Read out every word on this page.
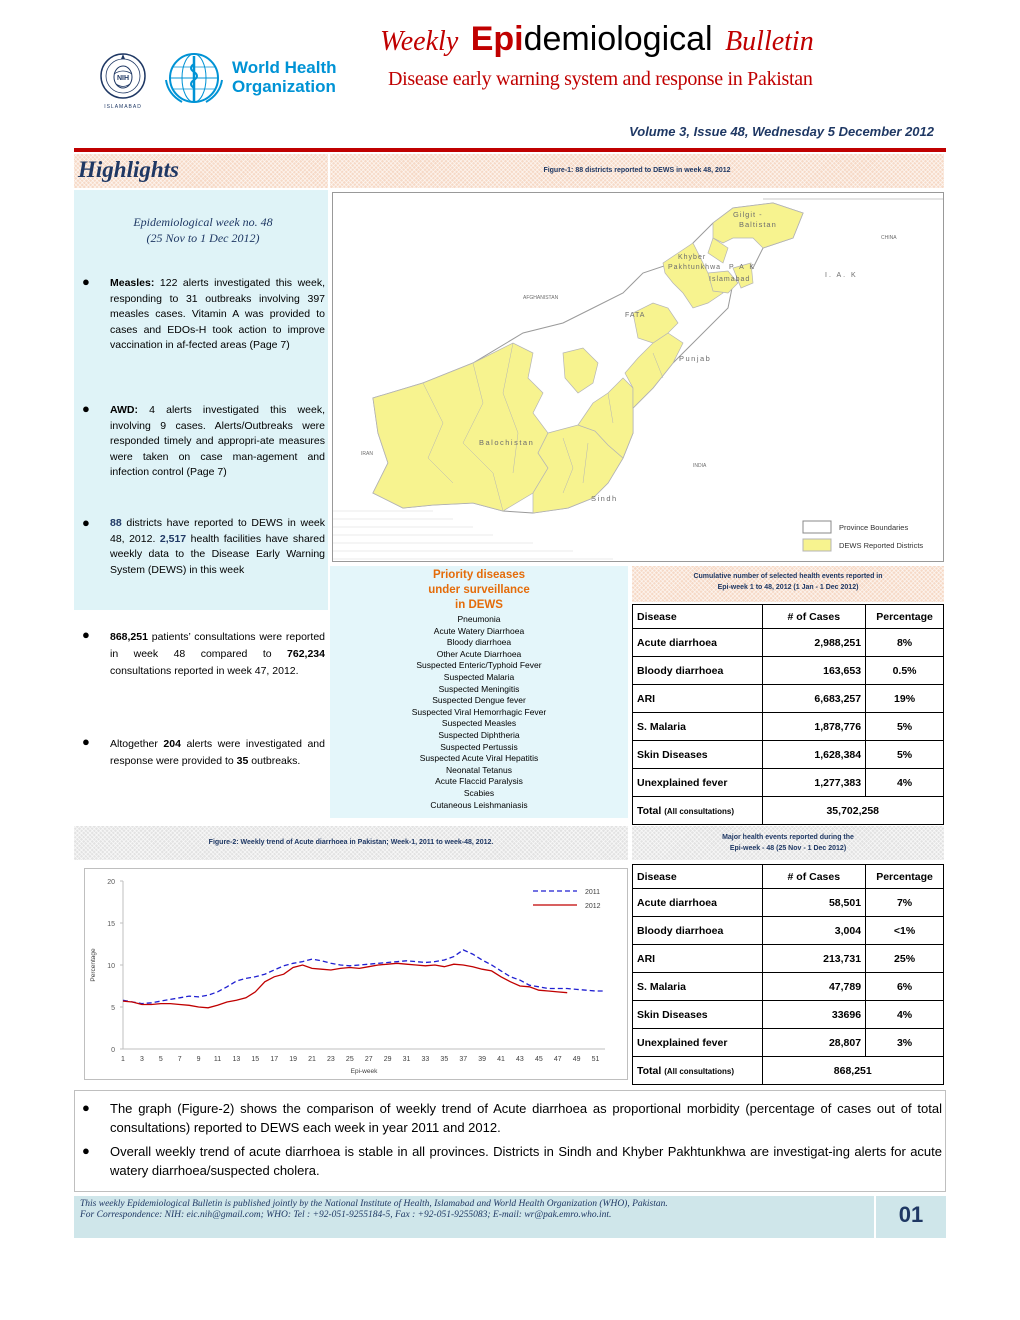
NIH
ISLAMABAD
World Health
Organization
Weekly Epidemiological Bulletin
Disease early warning system and response in Pakistan
Volume 3, Issue 48, Wednesday 5 December 2012
Highlights	Figure-1: 88 districts reported to DEWS in week 48, 2012
Epidemiological week no. 48
(25 Nov to 1 Dec 2012)
● Measles: 122 alerts investigated this week, responding to 31 outbreaks involving 397 measles cases. Vitamin A was provided to cases and EDOs-H took action to improve vaccination in af-fected areas (Page 7)
● AWD: 4 alerts investigated this week, involving 9 cases. Alerts/Outbreaks were responded timely and appropri-ate measures were taken on case man-agement and infection control (Page 7)
● 88 districts have reported to DEWS in week 48, 2012. 2,517 health facilities have shared weekly data to the Disease Early Warning System (DEWS) in this week
● 868,251 patients’ consultations were reported in week 48 compared to 762,234 consultations reported in week 47, 2012.
● Altogether 204 alerts were investigated and response were provided to 35 outbreaks.
Gilgit -
Baltistan
CHINA
Khyber
Pakhtunkhwa P A K
Islamabad
I. A. K
AFGHANISTAN
FATA
Punjab
Balochistan
IRAN
INDIA
Sindh
Province Boundaries
DEWS Reported Districts
Priority diseases
under surveillance
in DEWS
Pneumonia
Acute Watery Diarrhoea
Bloody diarrhoea
Other Acute Diarrhoea
Suspected Enteric/Typhoid Fever
Suspected Malaria
Suspected Meningitis
Suspected Dengue fever
Suspected Viral Hemorrhagic Fever
Suspected Measles
Suspected Diphtheria
Suspected Pertussis
Suspected Acute Viral Hepatitis
Neonatal Tetanus
Acute Flaccid Paralysis
Scabies
Cutaneous Leishmaniasis
Cumulative number of selected health events reported in
Epi-week 1 to 48, 2012 (1 Jan - 1 Dec 2012)
Disease	# of Cases	Percentage
Acute diarrhoea	2,988,251	8%
Bloody diarrhoea	163,653	0.5%
ARI	6,683,257	19%
S. Malaria	1,878,776	5%
Skin Diseases	1,628,384	5%
Unexplained fever	1,277,383	4%
Total (All consultations)	35,702,258	
Figure-2: Weekly trend of Acute diarrhoea in Pakistan; Week-1, 2011 to week-48, 2012.
Major health events reported during the
Epi-week - 48 (25 Nov - 1 Dec 2012)
Disease	# of Cases	Percentage
Acute diarrhoea	58,501	7%
Bloody diarrhoea	3,004	<1%
ARI	213,731	25%
S. Malaria	47,789	6%
Skin Diseases	33696	4%
Unexplained fever	28,807	3%
Total (All consultations)	868,251	
0
5
10
15
20
1 3 5 7 9 11 13 15 17 19 21 23 25 27 29 31 33 35 37 39 41 43 45 47 49 51
Epi-week
Percentage
2011
2012
● The graph (Figure-2) shows the comparison of weekly trend of Acute diarrhoea as proportional morbidity (percentage of cases out of total consultations) reported to DEWS each week in year 2011 and 2012.
● Overall weekly trend of acute diarrhoea is stable in all provinces. Districts in Sindh and Khyber Pakhtunkhwa are investigat-ing alerts for acute watery diarrhoea/suspected cholera.
This weekly Epidemiological Bulletin is published jointly by the National Institute of Health, Islamabad and World Health Organization (WHO), Pakistan.
For Correspondence: NIH: eic.nih@gmail.com; WHO: Tel : +92-051-9255184-5, Fax : +92-051-9255083; E-mail: wr@pak.emro.who.int.	01
